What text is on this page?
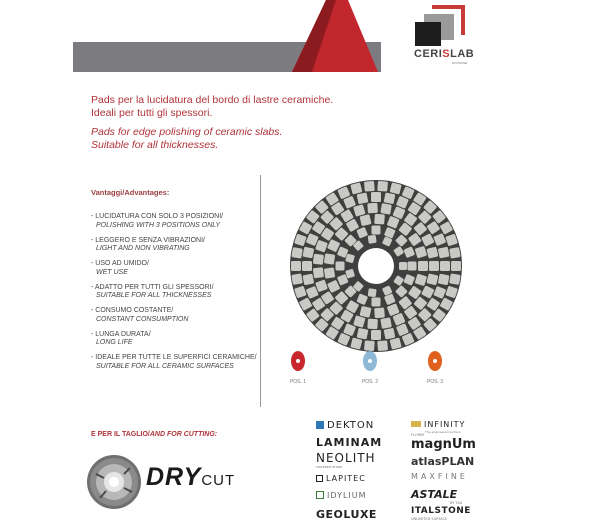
CERISLAB
DIVISIONE
Pads per la lucidatura del bordo di lastre ceramiche.
Ideali per tutti gli spessori.
Pads for edge polishing of ceramic slabs.
Suitable for all thicknesses.
Vantaggi/Advantages:
- LUCIDATURA CON SOLO 3 POSIZIONI/
POLISHING WITH 3 POSITIONS ONLY
- LEGGERO E SENZA VIBRAZIONI/
LIGHT AND NON VIBRATING
- USO AD UMIDO/
WET USE
- ADATTO PER TUTTI GLI SPESSORI/
SUITABLE FOR ALL THICKNESSES
- CONSUMO COSTANTE/
CONSTANT CONSUMPTION
- LUNGA DURATA/
LONG LIFE
- IDEALE PER TUTTE LE SUPERFICI CERAMICHE/
SUITABLE FOR ALL CERAMIC SURFACES
POS. 1	POS. 2	POS. 3
E PER IL TAGLIO/AND FOR CUTTING:
DRYCUT
DEKTON
LAMINAM
NEOLITH
SINTERED STONE
LAPITEC
IDYLIUM
GEOLUXE
INFINITY
The engineered surface
FLORIM
magnUm
atlasPLAN
MAXFINE
ASTALE
BY TAU
ITALSTONE
UNLIMITED SURFACE
